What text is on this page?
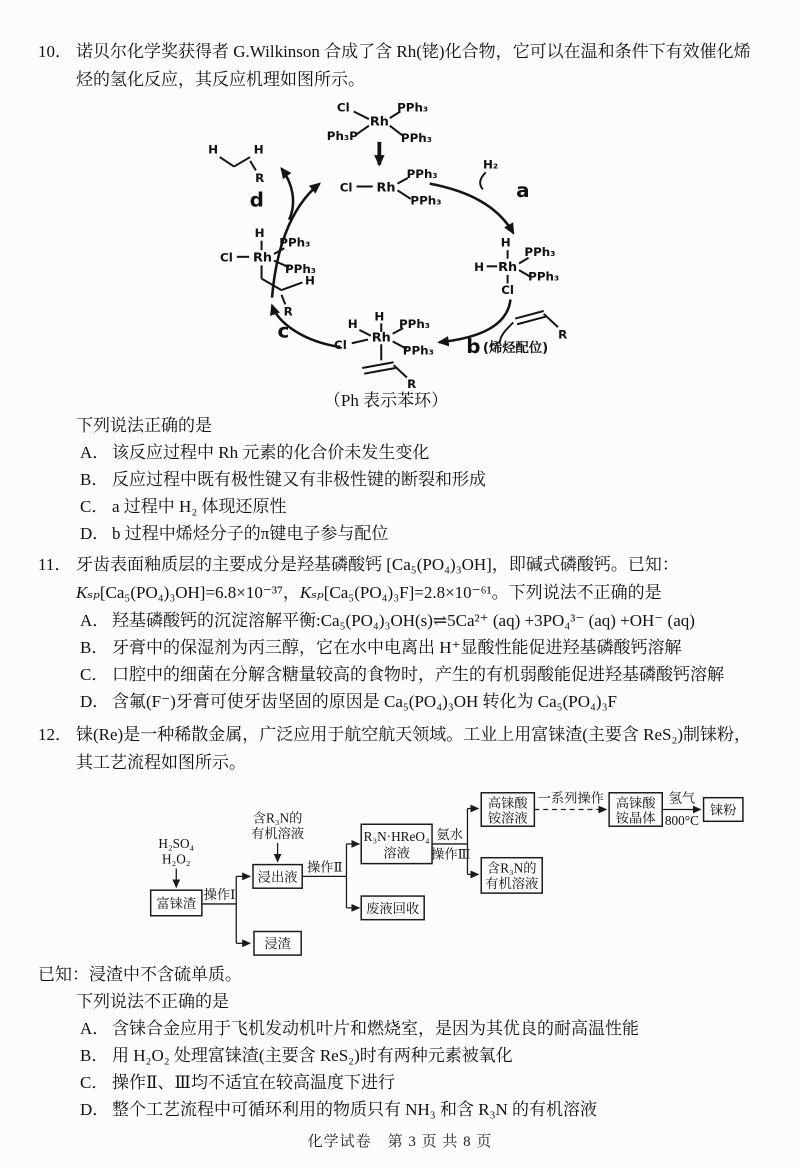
10． 诺贝尔化学奖获得者 G.Wilkinson 合成了含 Rh(铑)化合物，它可以在温和条件下有效催化烯
烃的氢化反应，其反应机理如图所示。
Cl	PPh₃
Ph₃P	PPh₃
Rh
Cl Rh
PPh₃
PPh₃
H	H
R
d
H₂
a
H
H Rh
PPh₃
PPh₃
Cl
R
b (烯烃配位)
H
H
Cl Rh
PPh₃
PPh₃
R
c
H
Cl Rh
PPh₃
PPh₃
H
R
（Ph 表示苯环）
下列说法正确的是
A． 该反应过程中 Rh 元素的化合价未发生变化
B． 反应过程中既有极性键又有非极性键的断裂和形成
C． a 过程中 H₂ 体现还原性
D． b 过程中烯烃分子的π键电子参与配位
11． 牙齿表面釉质层的主要成分是羟基磷酸钙 [Ca₅(PO₄)₃OH]，即碱式磷酸钙。已知：
Kₛₚ[Ca₅(PO₄)₃OH]=6.8×10⁻³⁷，Kₛₚ[Ca₅(PO₄)₃F]=2.8×10⁻⁶¹。下列说法不正确的是
A． 羟基磷酸钙的沉淀溶解平衡:Ca₅(PO₄)₃OH(s)⇌5Ca²⁺ (aq) +3PO₄³⁻ (aq) +OH⁻ (aq)
B． 牙膏中的保湿剂为丙三醇，它在水中电离出 H⁺显酸性能促进羟基磷酸钙溶解
C． 口腔中的细菌在分解含糖量较高的食物时，产生的有机弱酸能促进羟基磷酸钙溶解
D． 含氟(F⁻)牙膏可使牙齿坚固的原因是 Ca₅(PO₄)₃OH 转化为 Ca₅(PO₄)₃F
12． 铼(Re)是一种稀散金属，广泛应用于航空航天领域。工业上用富铼渣(主要含 ReS₂)制铼粉，
其工艺流程如图所示。
H₂SO₄
H₂O₂
富铼渣
操作Ⅰ
含R₃N的
有机溶液
浸出液
浸渣
操作Ⅱ
R₃N·HReO₄
溶液
废液回收
氨水
操作Ⅲ
高铼酸
铵溶液
一系列操作 高铼酸
铵晶体
氢气
800°C
铼粉
含R₃N的
有机溶液
已知：浸渣中不含硫单质。
下列说法不正确的是
A． 含铼合金应用于飞机发动机叶片和燃烧室，是因为其优良的耐高温性能
B． 用 H₂O₂ 处理富铼渣(主要含 ReS₂)时有两种元素被氧化
C． 操作Ⅱ、Ⅲ均不适宜在较高温度下进行
D． 整个工艺流程中可循环利用的物质只有 NH₃ 和含 R₃N 的有机溶液
化学试卷　第 3 页 共 8 页
